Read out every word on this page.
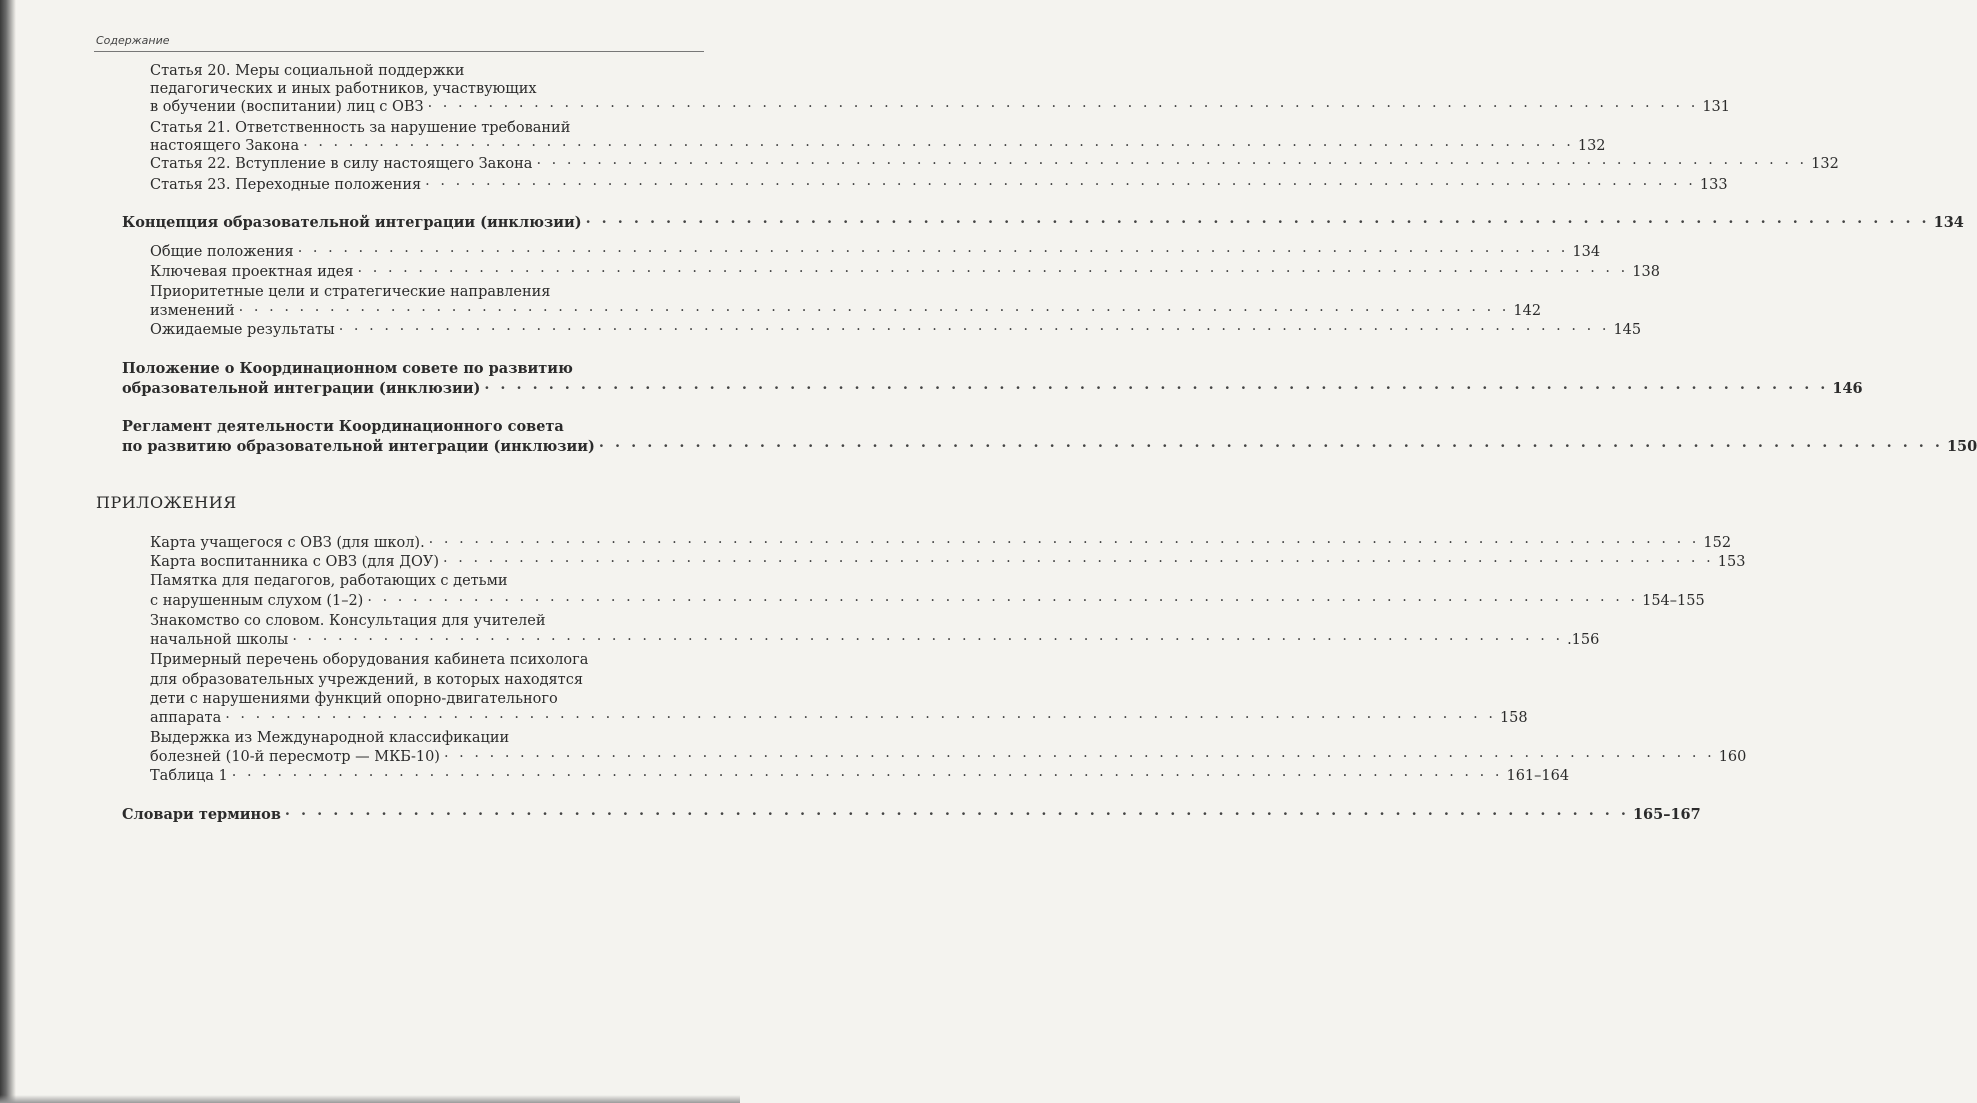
Содержание
Статья 20. Меры социальной поддержки
педагогических и иных работников, участвующих
в обучении (воспитании) лиц с ОВЗ · · · · · · · · · · · · · · · · · · · · · · · · · · · · · · · · · · · · · · · · · · · · · · · · · · · · · · · · · · · · · · · · · · · · · · · · · · · · · · · · · · · · 131
Статья 21. Ответственность за нарушение требований
настоящего Закона · · · · · · · · · · · · · · · · · · · · · · · · · · · · · · · · · · · · · · · · · · · · · · · · · · · · · · · · · · · · · · · · · · · · · · · · · · · · · · · · · · · · 132
Статья 22. Вступление в силу настоящего Закона · · · · · · · · · · · · · · · · · · · · · · · · · · · · · · · · · · · · · · · · · · · · · · · · · · · · · · · · · · · · · · · · · · · · · · · · · · · · · · · · · · · · 132
Статья 23. Переходные положения · · · · · · · · · · · · · · · · · · · · · · · · · · · · · · · · · · · · · · · · · · · · · · · · · · · · · · · · · · · · · · · · · · · · · · · · · · · · · · · · · · · · 133
Концепция образовательной интеграции (инклюзии) · · · · · · · · · · · · · · · · · · · · · · · · · · · · · · · · · · · · · · · · · · · · · · · · · · · · · · · · · · · · · · · · · · · · · · · · · · · · · · · · · · · · 134
Общие положения · · · · · · · · · · · · · · · · · · · · · · · · · · · · · · · · · · · · · · · · · · · · · · · · · · · · · · · · · · · · · · · · · · · · · · · · · · · · · · · · · · · · 134
Ключевая проектная идея · · · · · · · · · · · · · · · · · · · · · · · · · · · · · · · · · · · · · · · · · · · · · · · · · · · · · · · · · · · · · · · · · · · · · · · · · · · · · · · · · · · · 138
Приоритетные цели и стратегические направления
изменений · · · · · · · · · · · · · · · · · · · · · · · · · · · · · · · · · · · · · · · · · · · · · · · · · · · · · · · · · · · · · · · · · · · · · · · · · · · · · · · · · · · · 142
Ожидаемые результаты · · · · · · · · · · · · · · · · · · · · · · · · · · · · · · · · · · · · · · · · · · · · · · · · · · · · · · · · · · · · · · · · · · · · · · · · · · · · · · · · · · · · 145
Положение о Координационном совете по развитию
образовательной интеграции (инклюзии) · · · · · · · · · · · · · · · · · · · · · · · · · · · · · · · · · · · · · · · · · · · · · · · · · · · · · · · · · · · · · · · · · · · · · · · · · · · · · · · · · · · · 146
Регламент деятельности Координационного совета
по развитию образовательной интеграции (инклюзии) · · · · · · · · · · · · · · · · · · · · · · · · · · · · · · · · · · · · · · · · · · · · · · · · · · · · · · · · · · · · · · · · · · · · · · · · · · · · · · · · · · · · 150
ПРИЛОЖЕНИЯ
Карта учащегося с ОВЗ (для школ). · · · · · · · · · · · · · · · · · · · · · · · · · · · · · · · · · · · · · · · · · · · · · · · · · · · · · · · · · · · · · · · · · · · · · · · · · · · · · · · · · · · · 152
Карта воспитанника с ОВЗ (для ДОУ) · · · · · · · · · · · · · · · · · · · · · · · · · · · · · · · · · · · · · · · · · · · · · · · · · · · · · · · · · · · · · · · · · · · · · · · · · · · · · · · · · · · · 153
Памятка для педагогов, работающих с детьми
с нарушенным слухом (1–2) · · · · · · · · · · · · · · · · · · · · · · · · · · · · · · · · · · · · · · · · · · · · · · · · · · · · · · · · · · · · · · · · · · · · · · · · · · · · · · · · · · · · 154–155
Знакомство со словом. Консультация для учителей
начальной школы · · · · · · · · · · · · · · · · · · · · · · · · · · · · · · · · · · · · · · · · · · · · · · · · · · · · · · · · · · · · · · · · · · · · · · · · · · · · · · · · · · · · .156
Примерный перечень оборудования кабинета психолога
для образовательных учреждений, в которых находятся
дети с нарушениями функций опорно-двигательного
аппарата · · · · · · · · · · · · · · · · · · · · · · · · · · · · · · · · · · · · · · · · · · · · · · · · · · · · · · · · · · · · · · · · · · · · · · · · · · · · · · · · · · · · 158
Выдержка из Международной классификации
болезней (10-й пересмотр — МКБ-10) · · · · · · · · · · · · · · · · · · · · · · · · · · · · · · · · · · · · · · · · · · · · · · · · · · · · · · · · · · · · · · · · · · · · · · · · · · · · · · · · · · · · 160
Таблица 1 · · · · · · · · · · · · · · · · · · · · · · · · · · · · · · · · · · · · · · · · · · · · · · · · · · · · · · · · · · · · · · · · · · · · · · · · · · · · · · · · · · · · 161–164
Словари терминов · · · · · · · · · · · · · · · · · · · · · · · · · · · · · · · · · · · · · · · · · · · · · · · · · · · · · · · · · · · · · · · · · · · · · · · · · · · · · · · · · · · · 165–167
